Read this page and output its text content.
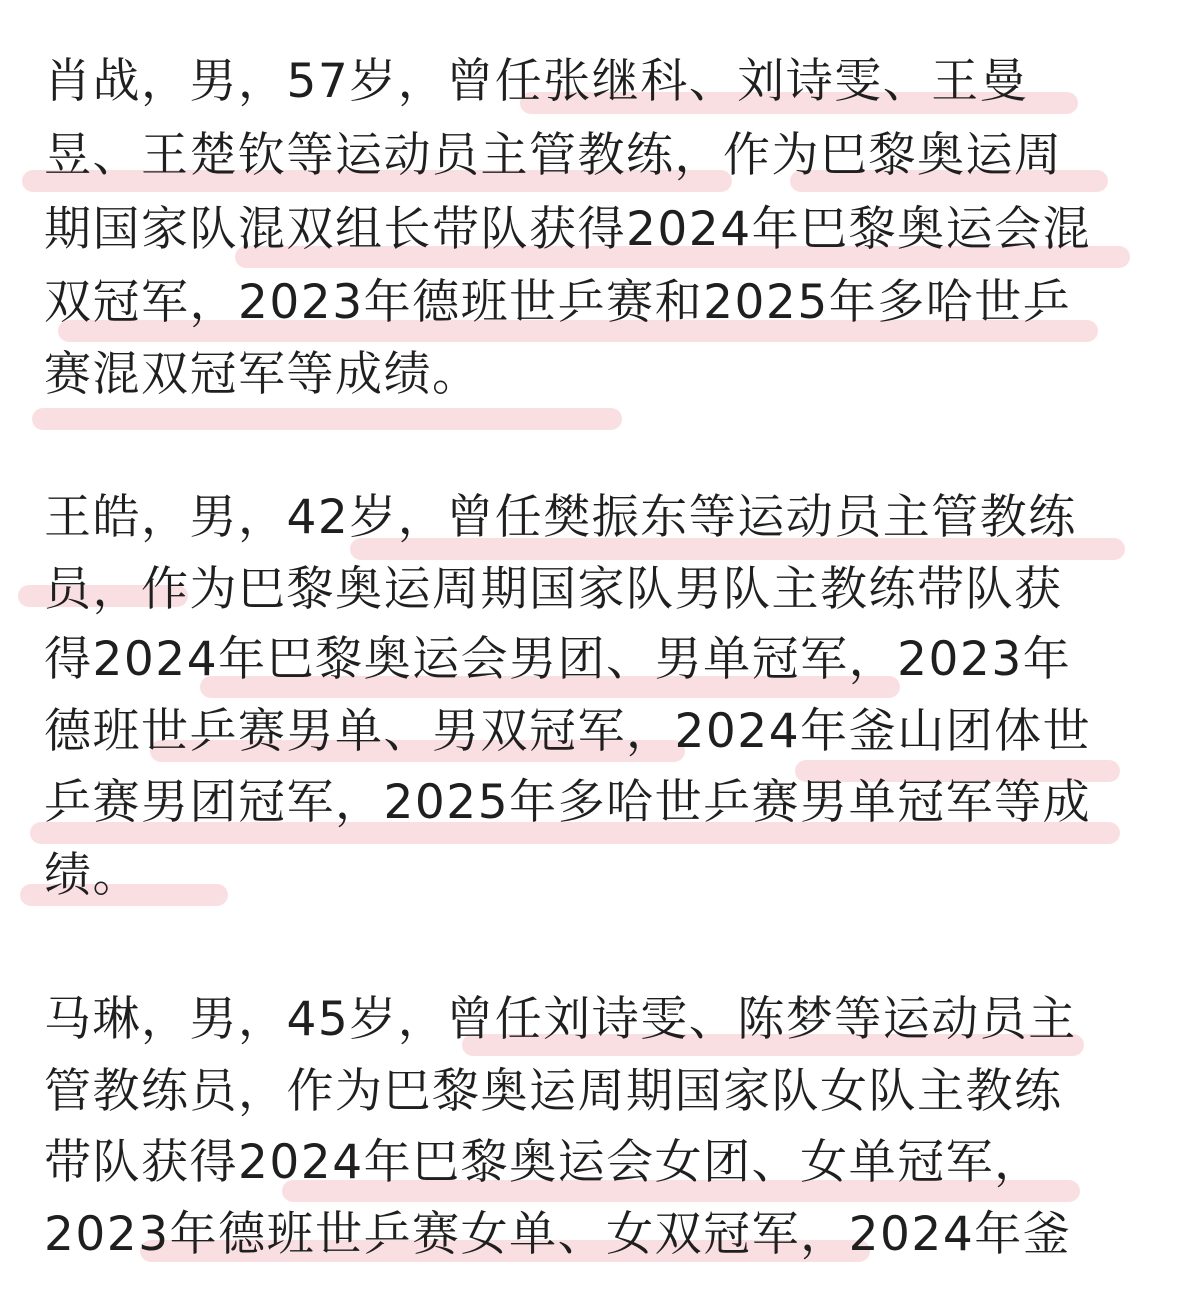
肖战，男，57岁，曾任张继科、刘诗雯、王曼
昱、王楚钦等运动员主管教练，作为巴黎奥运周
期国家队混双组长带队获得2024年巴黎奥运会混
双冠军，2023年德班世乒赛和2025年多哈世乒
赛混双冠军等成绩。
王皓，男，42岁，曾任樊振东等运动员主管教练
员，作为巴黎奥运周期国家队男队主教练带队获
得2024年巴黎奥运会男团、男单冠军，2023年
德班世乒赛男单、男双冠军，2024年釜山团体世
乒赛男团冠军，2025年多哈世乒赛男单冠军等成
绩。
马琳，男，45岁，曾任刘诗雯、陈梦等运动员主
管教练员，作为巴黎奥运周期国家队女队主教练
带队获得2024年巴黎奥运会女团、女单冠军，
2023年德班世乒赛女单、女双冠军，2024年釜
